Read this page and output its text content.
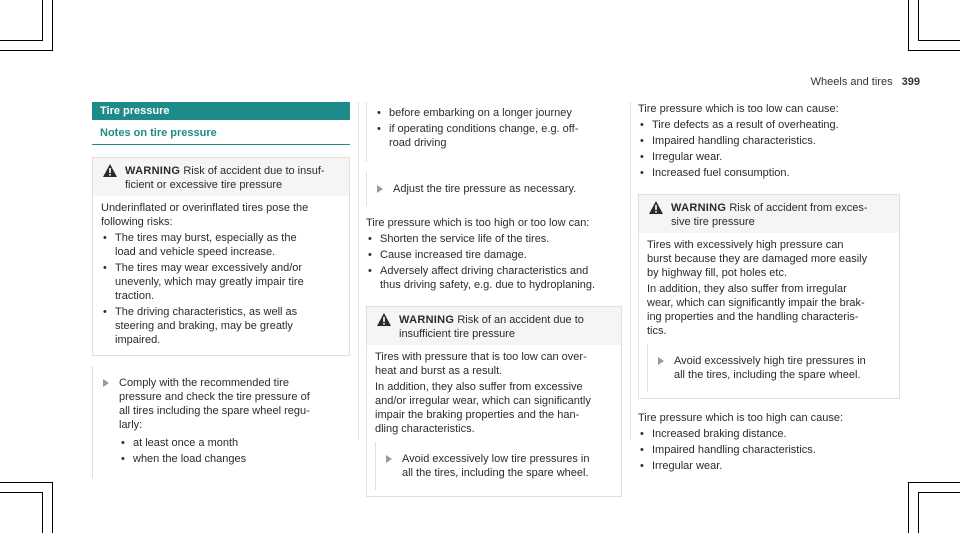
Wheels and tires 399
Tire pressure
Notes on tire pressure
WARNING Risk of accident due to insuf-
ficient or excessive tire pressure
Underinflated or overinflated tires pose the
following risks:
• The tires may burst, especially as the
load and vehicle speed increase.
• The tires may wear excessively and/or
unevenly, which may greatly impair tire
traction.
• The driving characteristics, as well as
steering and braking, may be greatly
impaired.
Comply with the recommended tire
pressure and check the tire pressure of
all tires including the spare wheel regu-
larly:
• at least once a month
• when the load changes
• before embarking on a longer journey
• if operating conditions change, e.g. off-
road driving
Adjust the tire pressure as necessary.
Tire pressure which is too high or too low can:
• Shorten the service life of the tires.
• Cause increased tire damage.
• Adversely affect driving characteristics and
thus driving safety, e.g. due to hydroplaning.
WARNING Risk of an accident due to
insufficient tire pressure

Tires with pressure that is too low can over-
heat and burst as a result.

In addition, they also suffer from excessive
and/or irregular wear, which can significantly
impair the braking properties and the han-
dling characteristics.

Avoid excessively low tire pressures in
all the tires, including the spare wheel.
Tire pressure which is too low can cause:
• Tire defects as a result of overheating.
• Impaired handling characteristics.
• Irregular wear.
• Increased fuel consumption.
WARNING Risk of accident from exces-
sive tire pressure

Tires with excessively high pressure can
burst because they are damaged more easily
by highway fill, pot holes etc.

In addition, they also suffer from irregular
wear, which can significantly impair the brak-
ing properties and the handling characteris-
tics.

Avoid excessively high tire pressures in
all the tires, including the spare wheel.
Tire pressure which is too high can cause:
• Increased braking distance.
• Impaired handling characteristics.
• Irregular wear.
